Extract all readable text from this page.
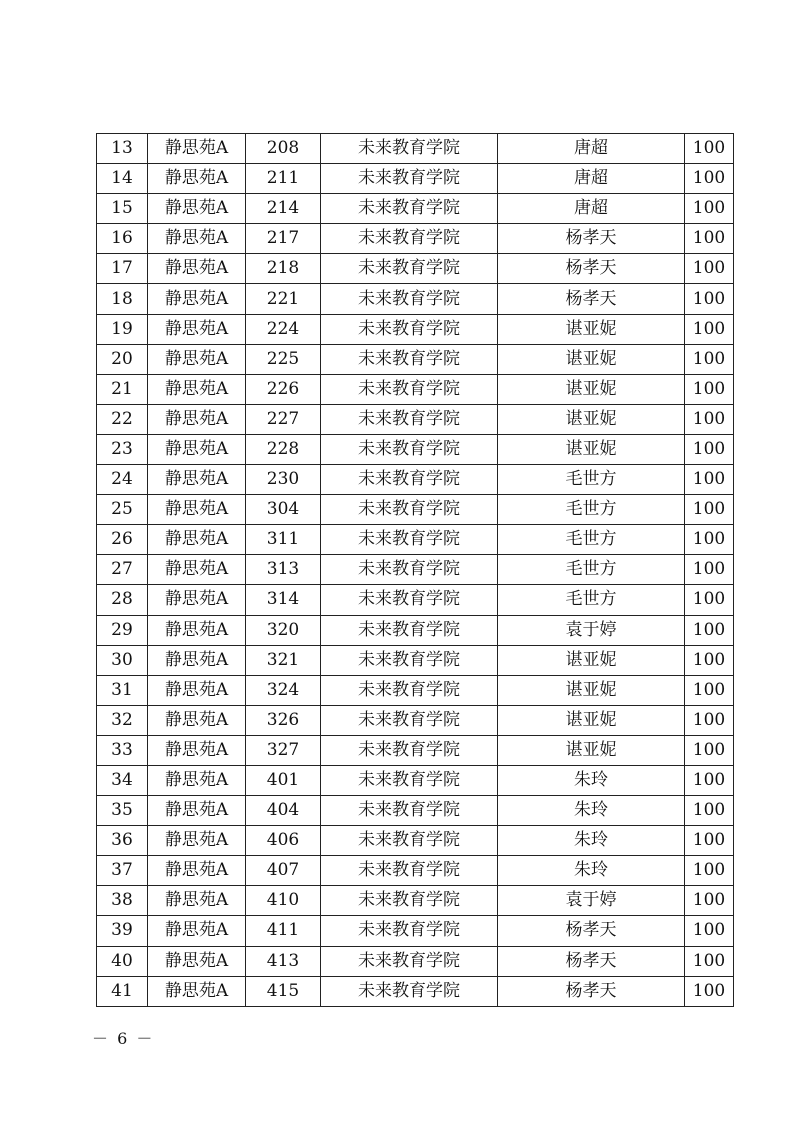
13	静思苑A	208	未来教育学院	唐超	100
14	静思苑A	211	未来教育学院	唐超	100
15	静思苑A	214	未来教育学院	唐超	100
16	静思苑A	217	未来教育学院	杨孝天	100
17	静思苑A	218	未来教育学院	杨孝天	100
18	静思苑A	221	未来教育学院	杨孝天	100
19	静思苑A	224	未来教育学院	谌亚妮	100
20	静思苑A	225	未来教育学院	谌亚妮	100
21	静思苑A	226	未来教育学院	谌亚妮	100
22	静思苑A	227	未来教育学院	谌亚妮	100
23	静思苑A	228	未来教育学院	谌亚妮	100
24	静思苑A	230	未来教育学院	毛世方	100
25	静思苑A	304	未来教育学院	毛世方	100
26	静思苑A	311	未来教育学院	毛世方	100
27	静思苑A	313	未来教育学院	毛世方	100
28	静思苑A	314	未来教育学院	毛世方	100
29	静思苑A	320	未来教育学院	袁于婷	100
30	静思苑A	321	未来教育学院	谌亚妮	100
31	静思苑A	324	未来教育学院	谌亚妮	100
32	静思苑A	326	未来教育学院	谌亚妮	100
33	静思苑A	327	未来教育学院	谌亚妮	100
34	静思苑A	401	未来教育学院	朱玲	100
35	静思苑A	404	未来教育学院	朱玲	100
36	静思苑A	406	未来教育学院	朱玲	100
37	静思苑A	407	未来教育学院	朱玲	100
38	静思苑A	410	未来教育学院	袁于婷	100
39	静思苑A	411	未来教育学院	杨孝天	100
40	静思苑A	413	未来教育学院	杨孝天	100
41	静思苑A	415	未来教育学院	杨孝天	100
－ 6 －
